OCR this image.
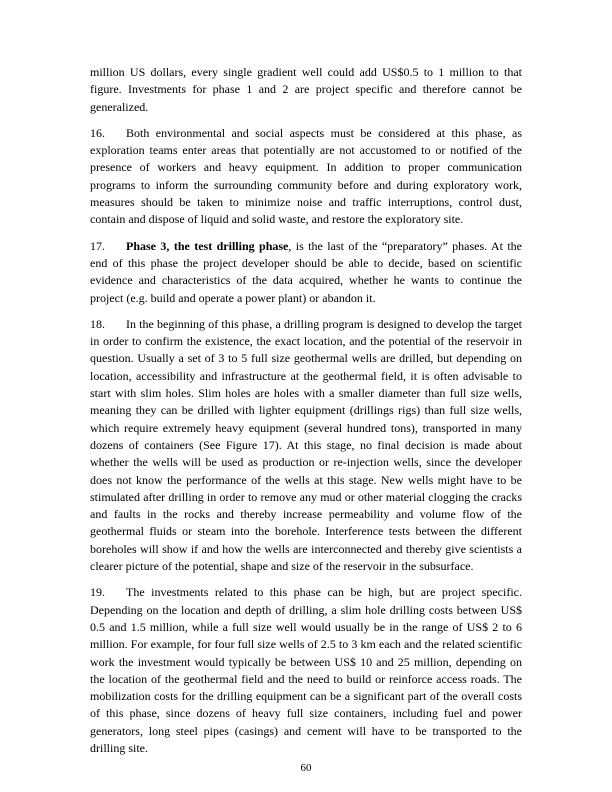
million US dollars, every single gradient well could add US$0.5 to 1 million to that figure. Investments for phase 1 and 2 are project specific and therefore cannot be generalized.

16. Both environmental and social aspects must be considered at this phase, as exploration teams enter areas that potentially are not accustomed to or notified of the presence of workers and heavy equipment. In addition to proper communication programs to inform the surrounding community before and during exploratory work, measures should be taken to minimize noise and traffic interruptions, control dust, contain and dispose of liquid and solid waste, and restore the exploratory site.

17. Phase 3, the test drilling phase, is the last of the “preparatory” phases. At the end of this phase the project developer should be able to decide, based on scientific evidence and characteristics of the data acquired, whether he wants to continue the project (e.g. build and operate a power plant) or abandon it.

18. In the beginning of this phase, a drilling program is designed to develop the target in order to confirm the existence, the exact location, and the potential of the reservoir in question. Usually a set of 3 to 5 full size geothermal wells are drilled, but depending on location, accessibility and infrastructure at the geothermal field, it is often advisable to start with slim holes. Slim holes are holes with a smaller diameter than full size wells, meaning they can be drilled with lighter equipment (drillings rigs) than full size wells, which require extremely heavy equipment (several hundred tons), transported in many dozens of containers (See Figure 17). At this stage, no final decision is made about whether the wells will be used as production or re-injection wells, since the developer does not know the performance of the wells at this stage. New wells might have to be stimulated after drilling in order to remove any mud or other material clogging the cracks and faults in the rocks and thereby increase permeability and volume flow of the geothermal fluids or steam into the borehole. Interference tests between the different boreholes will show if and how the wells are interconnected and thereby give scientists a clearer picture of the potential, shape and size of the reservoir in the subsurface.

19. The investments related to this phase can be high, but are project specific. Depending on the location and depth of drilling, a slim hole drilling costs between US$ 0.5 and 1.5 million, while a full size well would usually be in the range of US$ 2 to 6 million. For example, for four full size wells of 2.5 to 3 km each and the related scientific work the investment would typically be between US$ 10 and 25 million, depending on the location of the geothermal field and the need to build or reinforce access roads. The mobilization costs for the drilling equipment can be a significant part of the overall costs of this phase, since dozens of heavy full size containers, including fuel and power generators, long steel pipes (casings) and cement will have to be transported to the drilling site.

60
